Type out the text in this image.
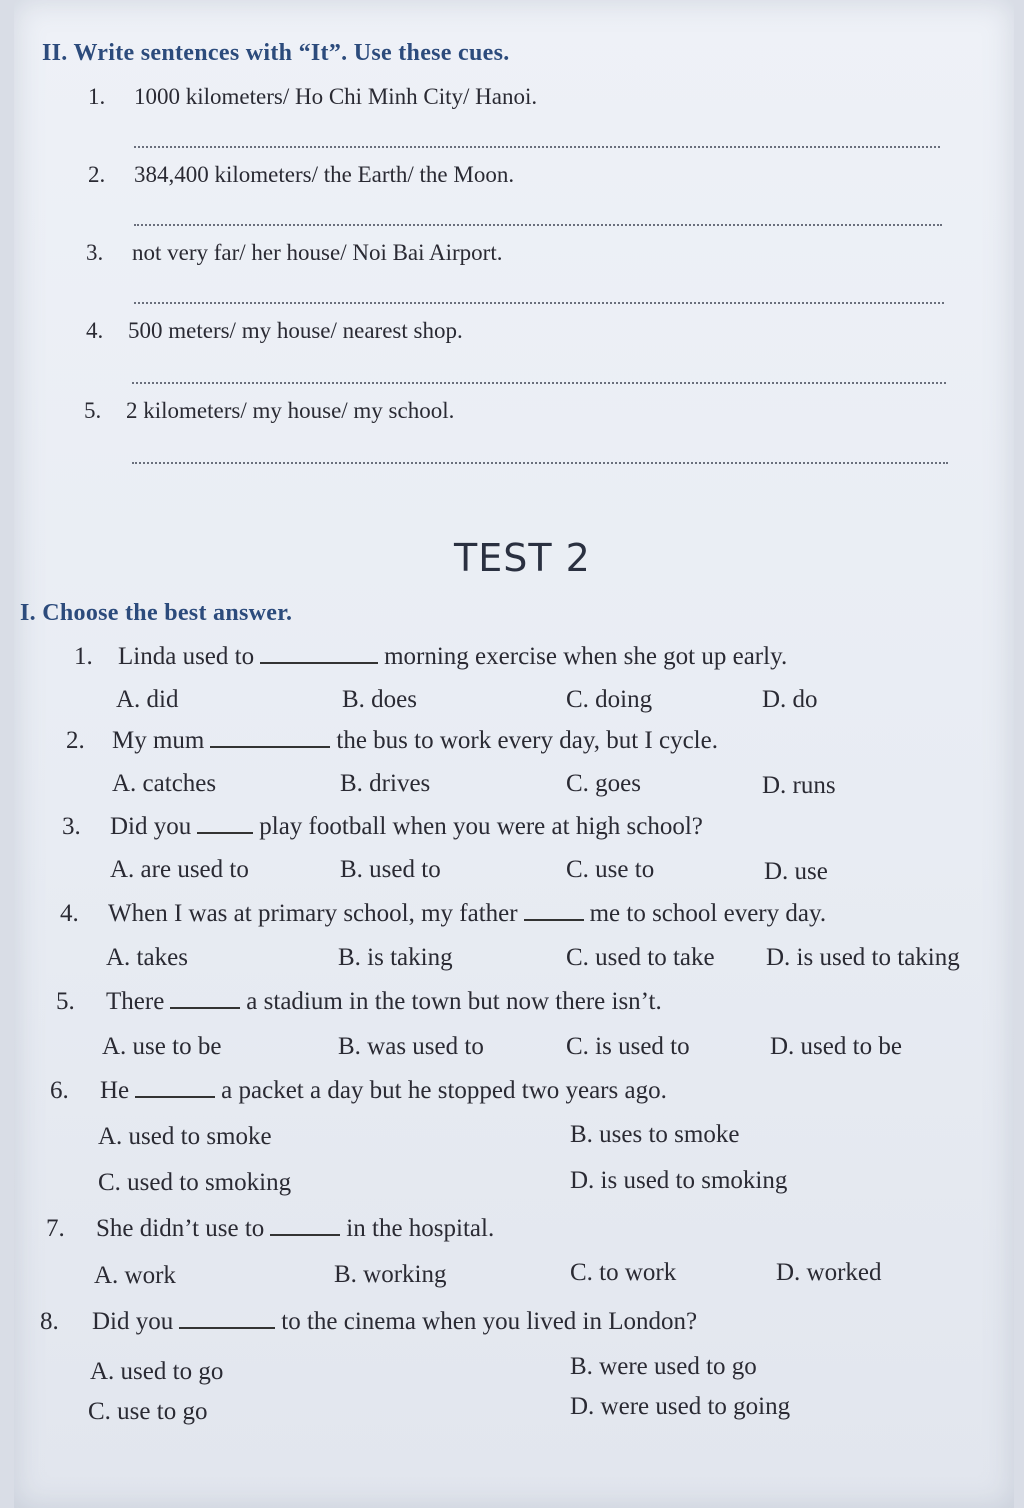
II. Write sentences with “It”. Use these cues.
1. 1000 kilometers/ Ho Chi Minh City/ Hanoi.
2. 384,400 kilometers/ the Earth/ the Moon.
3. not very far/ her house/ Noi Bai Airport.
4. 500 meters/ my house/ nearest shop.
5. 2 kilometers/ my house/ my school.
TEST 2
I. Choose the best answer.
1. Linda used to	morning exercise when she got up early.
A. did	B. does	C. doing	D. do
2. My mum	the bus to work every day, but I cycle.
A. catches	B. drives	C. goes	D. runs
3. Did you	play football when you were at high school?
A. are used to	B. used to	C. use to	D. use
4. When I was at primary school, my father	me to school every day.
A. takes	B. is taking	C. used to take D. is used to taking
5. There	a stadium in the town but now there isn’t.
A. use to be	B. was used to	C. is used to	D. used to be
6. He	a packet a day but he stopped two years ago.
A. used to smoke	B. uses to smoke
C. used to smoking	D. is used to smoking
7. She didn’t use to	in the hospital.
A. work	B. working	C. to work	D. worked
8. Did you	to the cinema when you lived in London?
A. used to go	B. were used to go
C. use to go	D. were used to going
